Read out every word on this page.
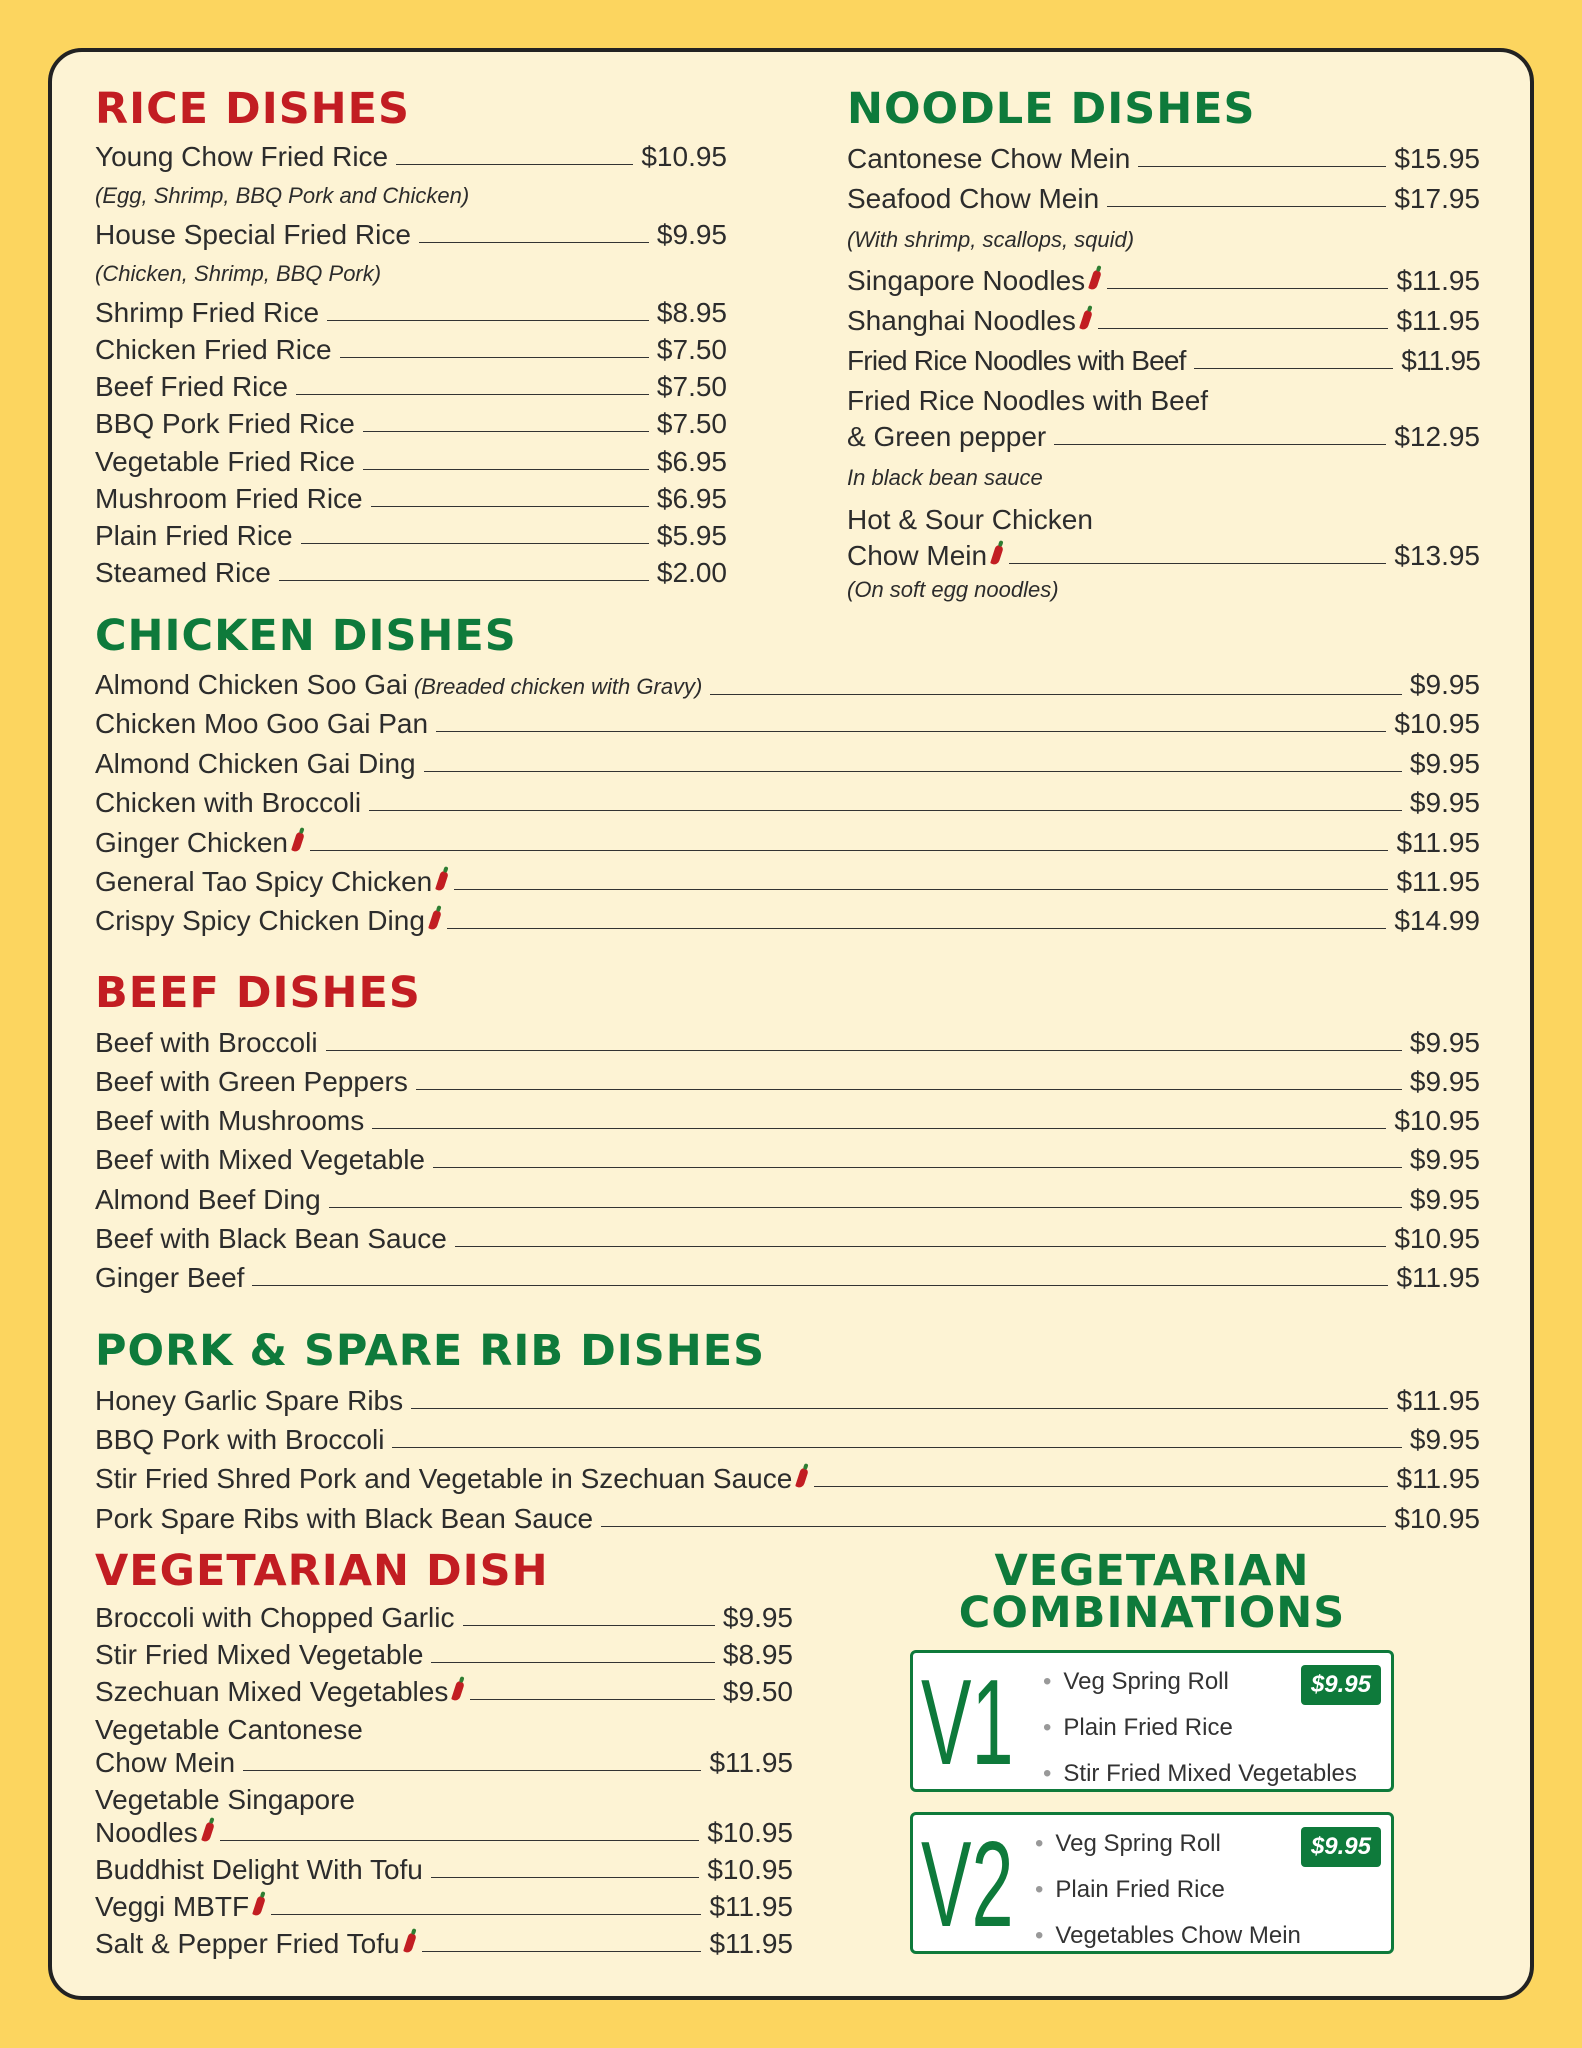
RICE DISHES
Young Chow Fried Rice	$10.95
(Egg, Shrimp, BBQ Pork and Chicken)
House Special Fried Rice	$9.95
(Chicken, Shrimp, BBQ Pork)
Shrimp Fried Rice	$8.95
Chicken Fried Rice	$7.50
Beef Fried Rice	$7.50
BBQ Pork Fried Rice	$7.50
Vegetable Fried Rice	$6.95
Mushroom Fried Rice	$6.95
Plain Fried Rice	$5.95
Steamed Rice	$2.00
NOODLE DISHES
Cantonese Chow Mein	$15.95
Seafood Chow Mein	$17.95
(With shrimp, scallops, squid)
Singapore Noodles	$11.95
Shanghai Noodles	$11.95
Fried Rice Noodles with Beef	$11.95
Fried Rice Noodles with Beef
& Green pepper	$12.95
In black bean sauce
Hot & Sour Chicken
Chow Mein	$13.95
(On soft egg noodles)
CHICKEN DISHES
Almond Chicken Soo Gai (Breaded chicken with Gravy)	$9.95
Chicken Moo Goo Gai Pan	$10.95
Almond Chicken Gai Ding	$9.95
Chicken with Broccoli	$9.95
Ginger Chicken	$11.95
General Tao Spicy Chicken	$11.95
Crispy Spicy Chicken Ding	$14.99
BEEF DISHES
Beef with Broccoli	$9.95
Beef with Green Peppers	$9.95
Beef with Mushrooms	$10.95
Beef with Mixed Vegetable	$9.95
Almond Beef Ding	$9.95
Beef with Black Bean Sauce	$10.95
Ginger Beef	$11.95
PORK & SPARE RIB DISHES
Honey Garlic Spare Ribs	$11.95
BBQ Pork with Broccoli	$9.95
Stir Fried Shred Pork and Vegetable in Szechuan Sauce	$11.95
Pork Spare Ribs with Black Bean Sauce	$10.95
VEGETARIAN DISH
Broccoli with Chopped Garlic	$9.95
Stir Fried Mixed Vegetable	$8.95
Szechuan Mixed Vegetables	$9.50
Vegetable Cantonese
Chow Mein	$11.95
Vegetable Singapore
Noodles	$10.95
Buddhist Delight With Tofu	$10.95
Veggi MBTF	$11.95
Salt & Pepper Fried Tofu	$11.95
VEGETARIAN
COMBINATIONS
V1	• Veg Spring Roll
• Plain Fried Rice
• Stir Fried Mixed Vegetables
$9.95
V2	• Veg Spring Roll
• Plain Fried Rice
• Vegetables Chow Mein
$9.95
